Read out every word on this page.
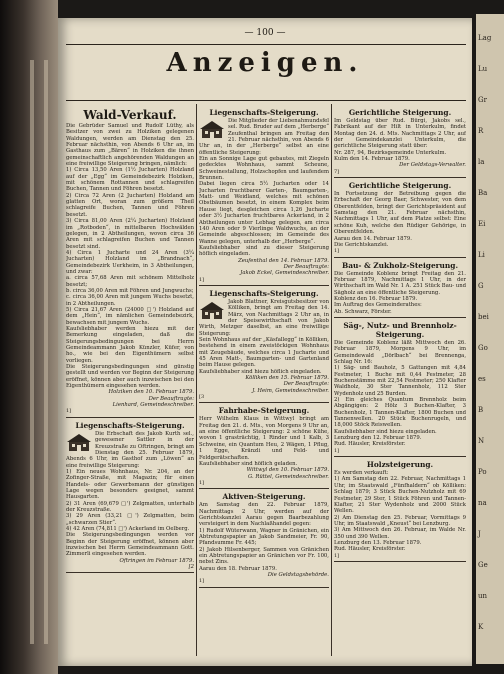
— 100 —
Anzeigen.
Wald-Verkauf.
Die Gebrüder Samuel und Rudolf Lüthy, als Besitzer von zwei zu Holziken gelegenen Waldungen, werden am Dienstag den 25. Februar nächsthin, von Abends 6 Uhr an, im Gasthaus zum „Bären“ in Holziken die ihnen gemeinschaftlich angehörenden Waldungen an eine freiwillige Steigerung bringen, nämlich:
1) Circa 13,50 Aren (1½ Jucharten) Holzland auf der „Egg“ im Gemeindebezirk Holziken, mit schönem Rottannen und schlagreifen Buchen, Tannen und Föhren besetzt.
2) Circa 72 Aren (2 Jucharten) Holzland am glatten Ort, woran zum größern Theil schlagreife Buchen, Tannen und Föhren besetzt.
3) Circa 81,00 Aren (2¼ Jucharten) Holzland im „Rotboden“, in mittelbaren Hochwälden gelegen, in 2 Abtheilungen, wovon circa 36 Aren mit schlagreifen Buchen und Tannen besetzt sind.
4) Circa 1 Jucharte und 24 Aren (3¼ Jucharten) Holzland im „Brandnach“, Gemeindebezirk Uerkheim, in 3 Abtheilungen, und zwar:
a. circa 57,68 Aren mit schönem Mittelholz besetzt;
b. circa 36,00 Aren mit Föhren und Jungwuchs;
c. circa 36,00 Aren mit jungem Wuchs besetzt, in 2 Abtheilungen.
5) Circa 21,67 Aren (24000 □') Holzland auf dem „Hein“, im nämlichen Gemeindebezirk, bewachsen mit jungem Wuchs.
Kaufsliebhaber werden hiezu mit der Bemerkung eingeladen, daß die Steigerungsbedingungen bei Herrn Gemeindeammann Jakob Künzler, Küfer, von ho., wie bei den Eigenthümern selbst vorliegen.
Die Steigerungsbedingungen sind günstig gestellt und werden vor Beginn der Steigerung eröffnet, können aber auch inzwischen bei den Eigenthümern eingesehen werden.
Holziken den 10. Februar 1879.
Der Beauftragte:
Lienhard, Gemeindeschreiber.
1]
Liegenschafts-Steigerung.
Die Erbschaft des Jakob Kurth sel., gewesener Sattler in der Kreuzstraße zu Oftringen, bringt am Dienstag den 25. Februar 1879, Abends 6 Uhr, im Gasthof zum „Löwen“ an eine freiwillige Steigerung:
1) Ein neues Wohnhaus, Nr. 204, an der Zofinger-Straße, mit Magazin; für einen Handels- oder Gewerbsmann der günstigen Lage wegen besonders geeignet, sammt Hausgarten.
2) 31 Aren (69,679 □') Zelgmatten, unterhalb der Kreuzstraße.
3) 29 Aren (33,21 □') Zelgmatten, beim „schwarzen Stier“.
4) 42 Aren (74,811 □') Ackerland im Oelberg.
Die Steigerungsbedingungen werden vor Beginn der Steigerung eröffnet, können aber inzwischen bei Herrn Gemeindeammann Gott. Zimmerli eingesehen werden.
Oftringen im Februar 1879.
[2
Liegenschafts-Steigerung.
Die Mitglieder der Liebenahmundsfel sel. Rud. Bruder auf dem „Herberge“ Zeufenthal bringen am Freitag den 21. Februar nächsthin, von Abends 6 Uhr an, in der „Herberge“ selbst an eine öffentliche Steigerung:
Ein an Sonnige Lage gut gebautes, mit Ziegeln gedecktes Wohnhaus, sammt Scheune, Schweinestallung, Holzschopfen und laufendem Brunnen.
Dabei liegen circa 5½ Jucharten oder 14 Jucharten fruchtbarer Garten-, Baumgarten-, Matt- und Weidland, welches mit schönen Obstbäumen besetzt, in einem Komplex beim Hause liegt, desgleichen circa 1,26 Jucharte oder 3½ Jucharten fruchtbares Ackerland, in 2 Abtheilungen unter Lebhag gelegen, am circa 140 Aren oder 9 Vierlinge Waldwuchs, an der Gemeinde abgeschlossen; im Gemeinde des Wanne gelegen, unterhalb der „Herberge“.
Kaufsliebhaber sind zu dieser Steigerung höflich eingeladen.
Zeufenthal den 14. Februar 1879.
Der Beauftragte:
Jakob Eckel, Gemeindeschreiber.
1]
Liegenschafts-Steigerung.
Jakob Blattner, Kreisgutsbesitzer von Kölliken, bringt am Freitag den 14. März, von Nachmittags 2 Uhr an, in der Speisewirthschaft von Jakob Wirth, Metzger daselbst, an eine freiwillige Steigerung:
Sein Wohnhaus auf der „Käsfallegg“ in Kölliken, bestehend in einem zweistöckigen Wohnhaus mit Zeugebäude, welches circa 1 Jucharte und 45 Aren Matt-, Baumgarten- und Gartenland beim Hause gelegen.
Kaufsliebhaber sind hiezu höflich eingeladen.
Kölliken den 15. Februar 1879.
Der Beauftragte:
J. Heim, Gemeindeschreiber.
[3
Fahrhabe-Steigerung.
Herr Wilhelm Klaus in Wittwyl bringt am Freitag den 21. d. Mts., von Morgens 9 Uhr an, an eine öffentliche Steigerung: 2 schöne Kühe, wovon 1 grasträchtig, 1 Rinder und 1 Kalb, 3 Schweine, ein Quantum Heu, 2 Wägen, 1 Pflug, 1 Egge, Kränzli und Feld- und Feldgerätschaften.
Kaufsliebhaber sind höflich geladen.
Wittwyl den 10. Februar 1879.
G. Rüttel, Gemeindeschreiber.
1]
Aktiven-Steigerung.
Am Samstag den 22. Februar 1879, Nachmittags 2 Uhr, werden auf der Gerichtskanzlei Aarau gegen Baarbezahlung versteigert in dem Nachlaßhandel gegen:
1) Rudolf Wüterwann, Wagner in Gränichen, ein Abtretungspapier an Jakob Sandmeier, Fr. 90, Pfandsumme Fr. 445;
2) Jakob Hilsenberger, Sammen von Gränichen ein Abtretungspapier an Gränichen vor Fr. 100, nebst Zins.
Aarau den 18. Februar 1879.
Die Geldstagsbehörde.
1]
Gerichtliche Steigerung.
Im Geldstag über Rud. Bürgi, Jakobs sel., Fabrikant auf der Hilt in Unterkulm, findet Montag den 24. d. Mts. Nachmittags 2 Uhr, auf der Gemeindekanzlei Unterkulm, die gerichtliche Steigerung statt über:
Nr. 287, 94, Bezirksgemeinde Unterkulm.
Kulm den 14. Februar 1879.
Der Geldstags-Verwalter.
7]
Gerichtliche Steigerung.
In Fortsetzung der Betreibung gegen die Erbschaft der Georg Baer, Schwester, von dem Oberentfelden, bringt der Gerichtspräsident auf Samstag den 21. Februar nächsthin, Nachmittags 1 Uhr, auf dem Platze selbst: Eine schöne Kuh, welche den Rüdiger Gehörige, in Oberentfelden.
Aarau den 14. Februar 1879.
Die Gerichtskanzlei.
1]
Bau- & Zukholz-Steigerung.
Die Gemeinde Koblenz bringt Freitag den 21. Februar 1879, Nachmittags 1 Uhr, in der Wirthschaft im Wald Nr. 1 A. 251 Stück Bau- und Sägholz an eine öffentliche Steigerung.
Koblenz den 16. Februar 1879.
Im Auftrag des Gemeinderathes:
Ab. Schwarz, Förster.
Säg-, Nutz- und Brennholz-Steigerung.
Die Gemeinde Koblenz läßt Mittwoch den 26. Februar 1879, Morgens 9 Uhr, im Gemeindewald „Dörlbach“ bei Brennenga, Schlag Nr. 16:
1) Säg- und Bauholz, 5 Gattungen mit 4,84 Festmeter, 1 Buche mit 0,44 Festmeter, 28 Buchenstämme mit 22,54 Festmeter; 250 Klafter Waldholz, 30 Ster Tannenholz, 112 Ster Wydenholz und 25 Burden.
2) Ein gleiches Quantum Brennholz beim Abgängigen: 2 Hölz 3 Buchen-Klafter, 3 Buchenholz, 1 Tannen-Klafter, 1800 Buchen und Tannenwellen. 20 Stück Buchenrugeln, und 18,000 Stöck Reiswellen.
Kaufsliebhaber sind hiezu eingeladen.
Lenzburg den 12. Februar 1879.
Rud. Häusler, Kreisförster.
1]
Holzsteigerung.
Es werden verkauft:
1) Am Samstag den 22. Februar, Nachmittags 1 Uhr, im Staatswald „Fünfhaldern“ ob Kölliken: Schlag 1879; 3 Stück Buchen-Nutzholz mit 69 Festmeter, 29 Ster, 1 Stück Föhren und Tannen-Klafter, 21 Ster Wydenholz und 2000 Stück Wellen.
2) Am Dienstag den 25. Februar, Vormittags 9 Uhr, im Staatswald „Kneust“ bei Lenzburg.
3) Am Mittwoch den 26. Februar, im Walde Nr. 350 und 390 Wellen.
Lenzburg den 13. Februar 1879.
Rud. Häusler, Kreisförster.
1]
Lag
Lu
Gr
R
la
Ba
Ei
Li
G
bei
Go
es
B
N
Po
na
J
Ge
un
K
